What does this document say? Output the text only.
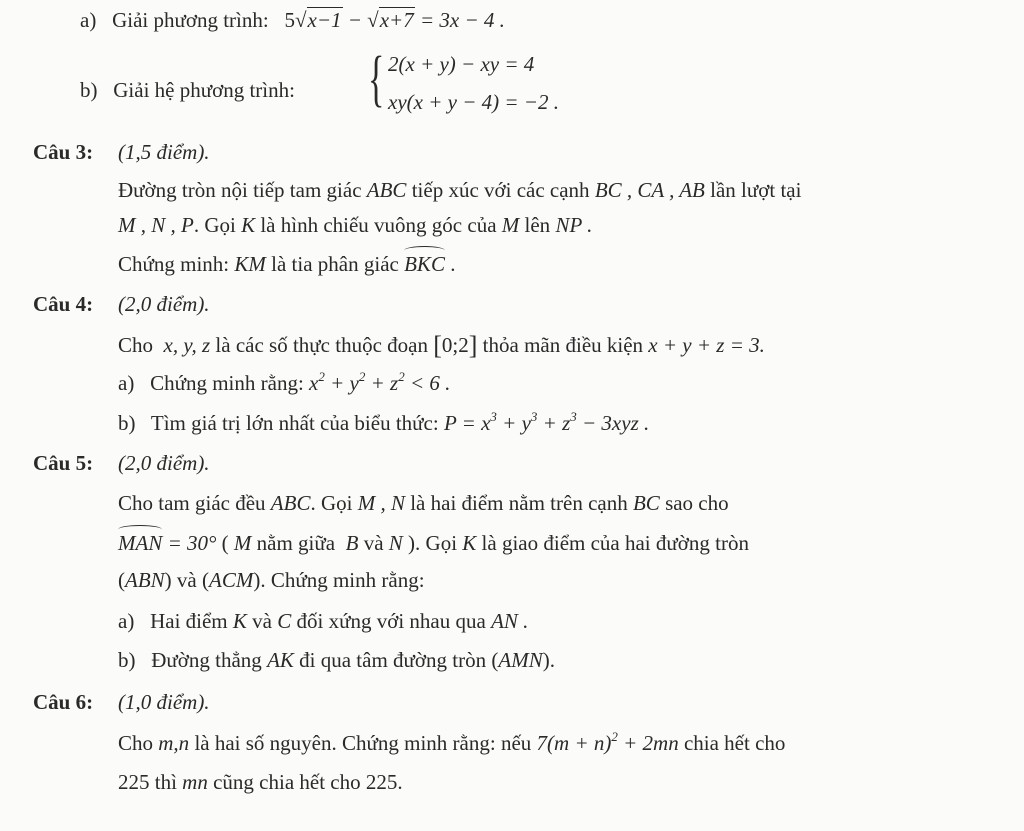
a) Giải phương trình: 5√x−1 − √x+7 = 3x − 4 .
b) Giải hệ phương trình: { 2(x + y) − xy = 4
xy(x + y − 4) = −2 .
Câu 3: (1,5 điểm).
Đường tròn nội tiếp tam giác ABC tiếp xúc với các cạnh BC , CA , AB lần lượt tại
M , N , P. Gọi K là hình chiếu vuông góc của M lên NP .
Chứng minh: KM là tia phân giác BKC .
Câu 4: (2,0 điểm).
Cho x, y, z là các số thực thuộc đoạn [0;2] thỏa mãn điều kiện x + y + z = 3.
a) Chứng minh rằng: $x^2 + y^2 + z^2 < 6$ .
b) Tìm giá trị lớn nhất của biểu thức: $P = x^3 + y^3 + z^3 - 3xyz$ .
Câu 5: (2,0 điểm).
Cho tam giác đều ABC. Gọi M , N là hai điểm nằm trên cạnh BC sao cho
MAN = 30° ( M nằm giữa B và N ). Gọi K là giao điểm của hai đường tròn
(ABN) và (ACM). Chứng minh rằng:
a) Hai điểm K và C đối xứng với nhau qua AN .
b) Đường thẳng AK đi qua tâm đường tròn (AMN).
Câu 6: (1,0 điểm).
Cho m,n là hai số nguyên. Chứng minh rằng: nếu $7(m + n)^2 + 2mn$ chia hết cho
225 thì mn cũng chia hết cho 225.
